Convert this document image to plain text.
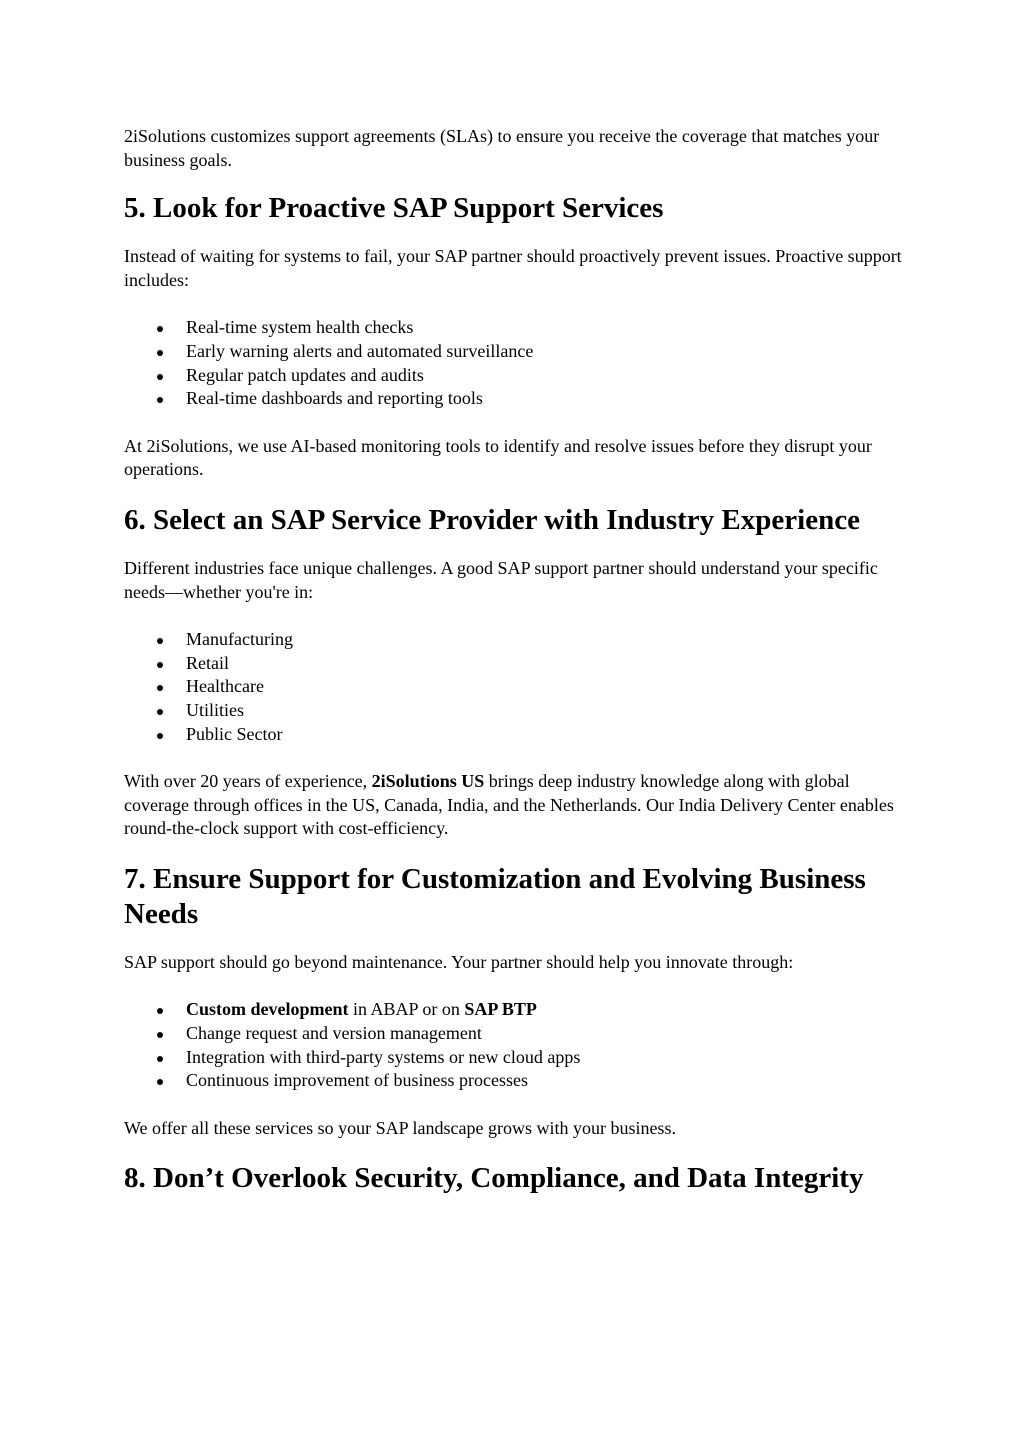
2iSolutions customizes support agreements (SLAs) to ensure you receive the coverage that matches your business goals.

5. Look for Proactive SAP Support Services

Instead of waiting for systems to fail, your SAP partner should proactively prevent issues. Proactive support includes:

Real-time system health checks
Early warning alerts and automated surveillance
Regular patch updates and audits
Real-time dashboards and reporting tools

At 2iSolutions, we use AI-based monitoring tools to identify and resolve issues before they disrupt your operations.

6. Select an SAP Service Provider with Industry Experience

Different industries face unique challenges. A good SAP support partner should understand your specific needs—whether you're in:

Manufacturing
Retail
Healthcare
Utilities
Public Sector

With over 20 years of experience, 2iSolutions US brings deep industry knowledge along with global coverage through offices in the US, Canada, India, and the Netherlands. Our India Delivery Center enables round-the-clock support with cost-efficiency.

7. Ensure Support for Customization and Evolving Business Needs

SAP support should go beyond maintenance. Your partner should help you innovate through:

Custom development in ABAP or on SAP BTP
Change request and version management
Integration with third-party systems or new cloud apps
Continuous improvement of business processes

We offer all these services so your SAP landscape grows with your business.

8. Don’t Overlook Security, Compliance, and Data Integrity
